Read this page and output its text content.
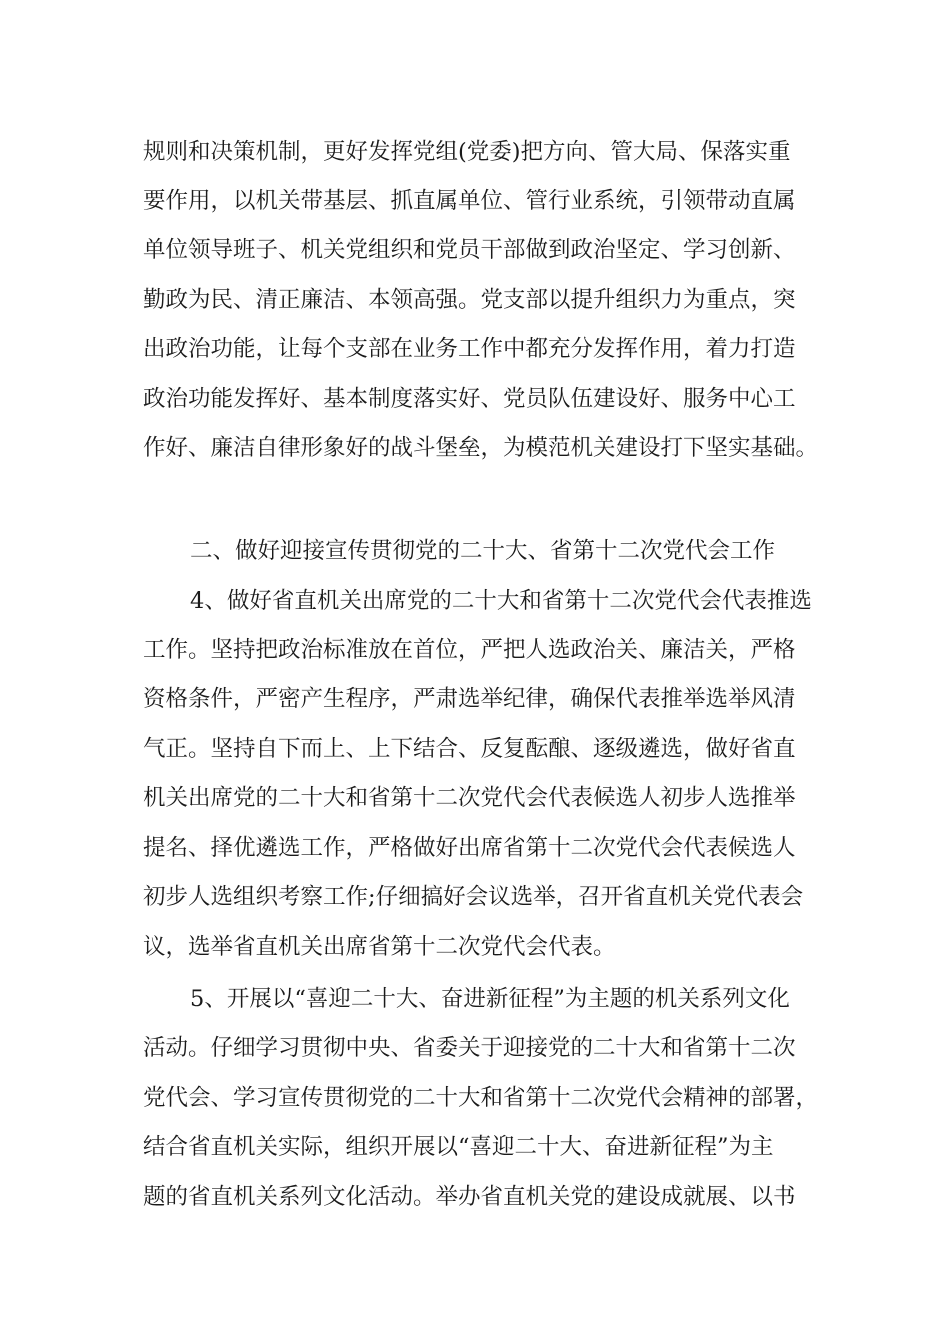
规则和决策机制，更好发挥党组(党委)把方向、管大局、保落实重
要作用，以机关带基层、抓直属单位、管行业系统，引领带动直属
单位领导班子、机关党组织和党员干部做到政治坚定、学习创新、
勤政为民、清正廉洁、本领高强。党支部以提升组织力为重点，突
出政治功能，让每个支部在业务工作中都充分发挥作用，着力打造
政治功能发挥好、基本制度落实好、党员队伍建设好、服务中心工
作好、廉洁自律形象好的战斗堡垒，为模范机关建设打下坚实基础。
二、做好迎接宣传贯彻党的二十大、省第十二次党代会工作
4、做好省直机关出席党的二十大和省第十二次党代会代表推选
工作。坚持把政治标准放在首位，严把人选政治关、廉洁关，严格
资格条件，严密产生程序，严肃选举纪律，确保代表推举选举风清
气正。坚持自下而上、上下结合、反复酝酿、逐级遴选，做好省直
机关出席党的二十大和省第十二次党代会代表候选人初步人选推举
提名、择优遴选工作，严格做好出席省第十二次党代会代表候选人
初步人选组织考察工作;仔细搞好会议选举，召开省直机关党代表会
议，选举省直机关出席省第十二次党代会代表。
5、开展以“喜迎二十大、奋进新征程”为主题的机关系列文化
活动。仔细学习贯彻中央、省委关于迎接党的二十大和省第十二次
党代会、学习宣传贯彻党的二十大和省第十二次党代会精神的部署，
结合省直机关实际，组织开展以“喜迎二十大、奋进新征程”为主
题的省直机关系列文化活动。举办省直机关党的建设成就展、以书
